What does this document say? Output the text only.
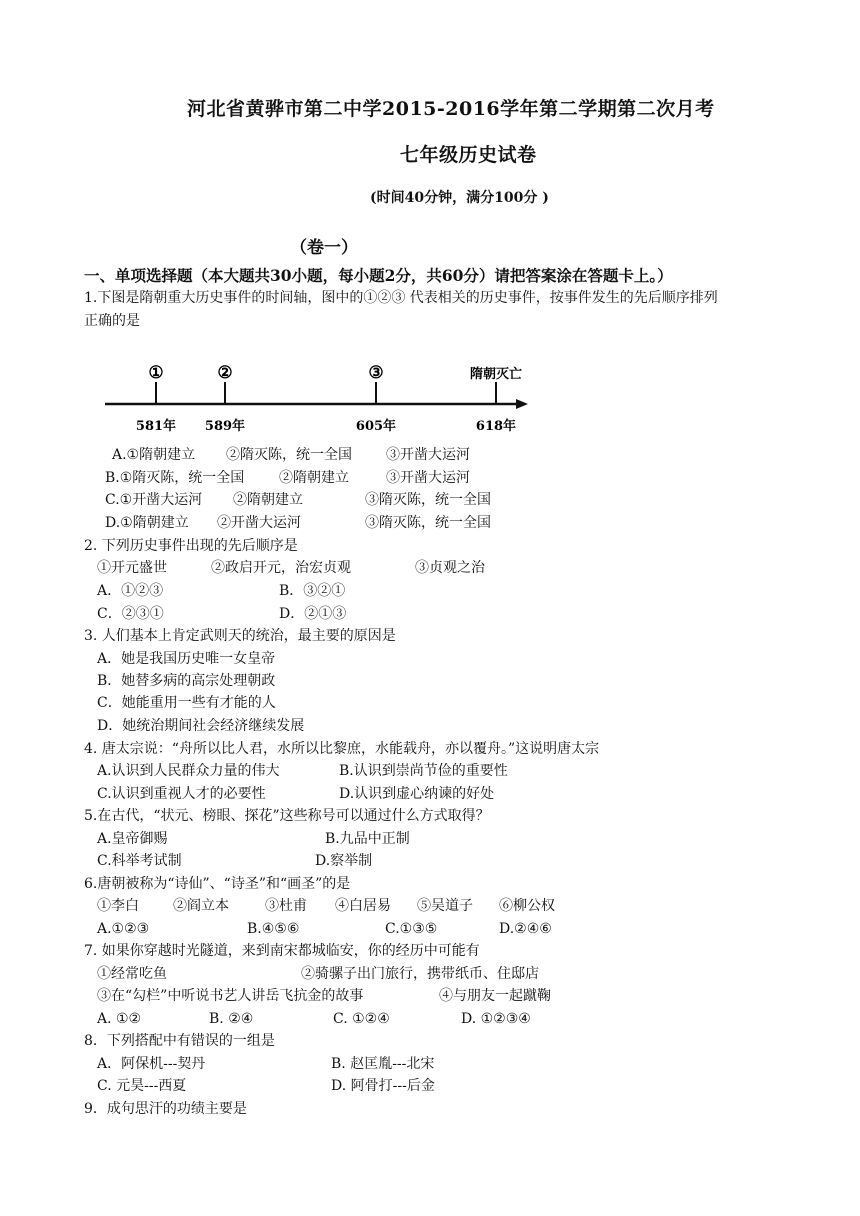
河北省黄骅市第二中学2015-2016学年第二学期第二次月考
七年级历史试卷
(时间40分钟，满分100分 )
（卷一）
一、单项选择题（本大题共30小题，每小题2分，共60分）请把答案涂在答题卡上。）
1.下图是隋朝重大历史事件的时间轴，图中的①②③ 代表相关的历史事件，按事件发生的先后顺序排列
正确的是
①
581年
②
589年
③
605年
隋朝灭亡
618年
A.①隋朝建立 ②隋灭陈，统一全国 ③开凿大运河
B.①隋灭陈，统一全国 ②隋朝建立	③开凿大运河
C.①开凿大运河 ②隋朝建立	③隋灭陈，统一全国
D.①隋朝建立 ②开凿大运河	③隋灭陈，统一全国
2. 下列历史事件出现的先后顺序是
①开元盛世	②政启开元，治宏贞观	③贞观之治
A．①②③	B．③②①
C．②③①	D．②①③
3. 人们基本上肯定武则天的统治，最主要的原因是
A．她是我国历史唯一女皇帝
B．她替多病的高宗处理朝政
C．她能重用一些有才能的人
D．她统治期间社会经济继续发展
4. 唐太宗说：“舟所以比人君，水所以比黎庶，水能载舟，亦以覆舟。”这说明唐太宗
A.认识到人民群众力量的伟大	B.认识到崇尚节俭的重要性
C.认识到重视人才的必要性	D.认识到虚心纳谏的好处
5.在古代，“状元、榜眼、探花”这些称号可以通过什么方式取得？
A.皇帝御赐	B.九品中正制
C.科举考试制	D.察举制
6.唐朝被称为“诗仙”、“诗圣”和“画圣”的是
①李白 ②阎立本	③杜甫 ④白居易 ⑤吴道子 ⑥柳公权
A.①②③	B.④⑤⑥	C.①③⑤	D.②④⑥
7. 如果你穿越时光隧道，来到南宋都城临安，你的经历中可能有
①经常吃鱼	②骑骡子出门旅行，携带纸币、住邸店
③在“勾栏”中听说书艺人讲岳飞抗金的故事	④与朋友一起蹴鞠
A. ①②	B. ②④	C. ①②④	D. ①②③④
8．下列搭配中有错误的一组是
A．阿保机---契丹	B. 赵匡胤---北宋
C. 元昊---西夏	D. 阿骨打---后金
9．成句思汗的功绩主要是
